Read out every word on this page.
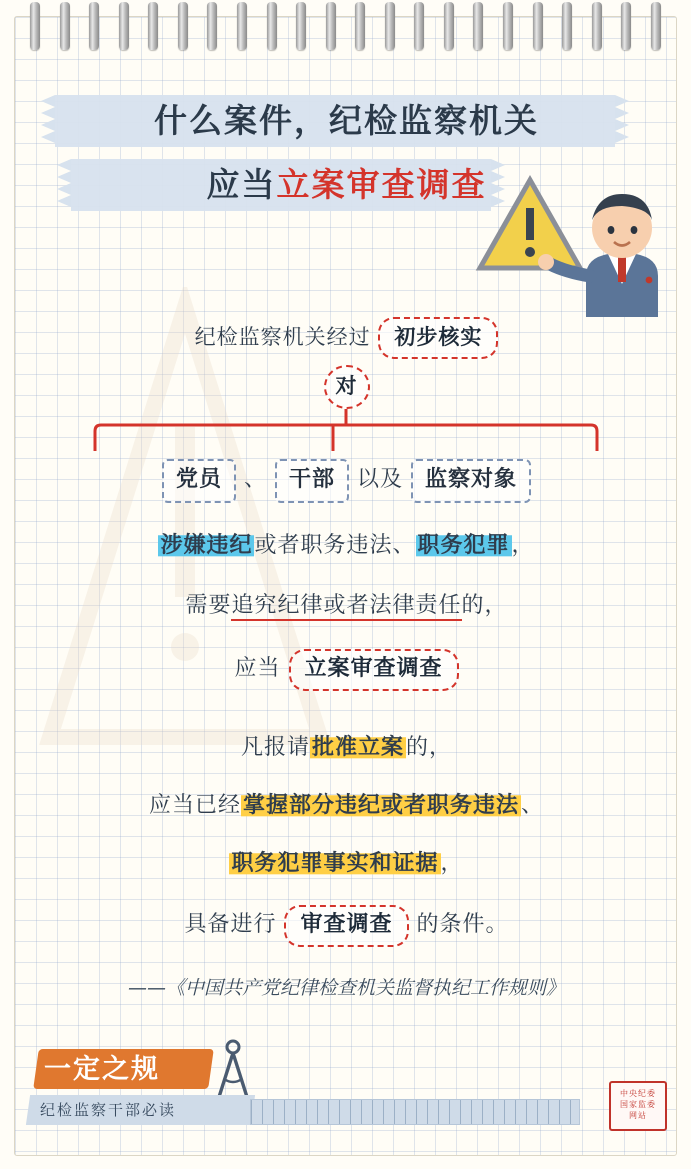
什么案件，纪检监察机关
应当立案审查调查
纪检监察机关经过 初步核实
对
党员 、 干部 以及 监察对象
涉嫌违纪或者职务违法、职务犯罪，
需要追究纪律或者法律责任的，
应当 立案审查调查
凡报请批准立案的，
应当已经掌握部分违纪或者职务违法、
职务犯罪事实和证据，
具备进行 审查调查 的条件。
——《中国共产党纪律检查机关监督执纪工作规则》
一定之规
纪检监察干部必读
中央纪委
国家监委
网站
